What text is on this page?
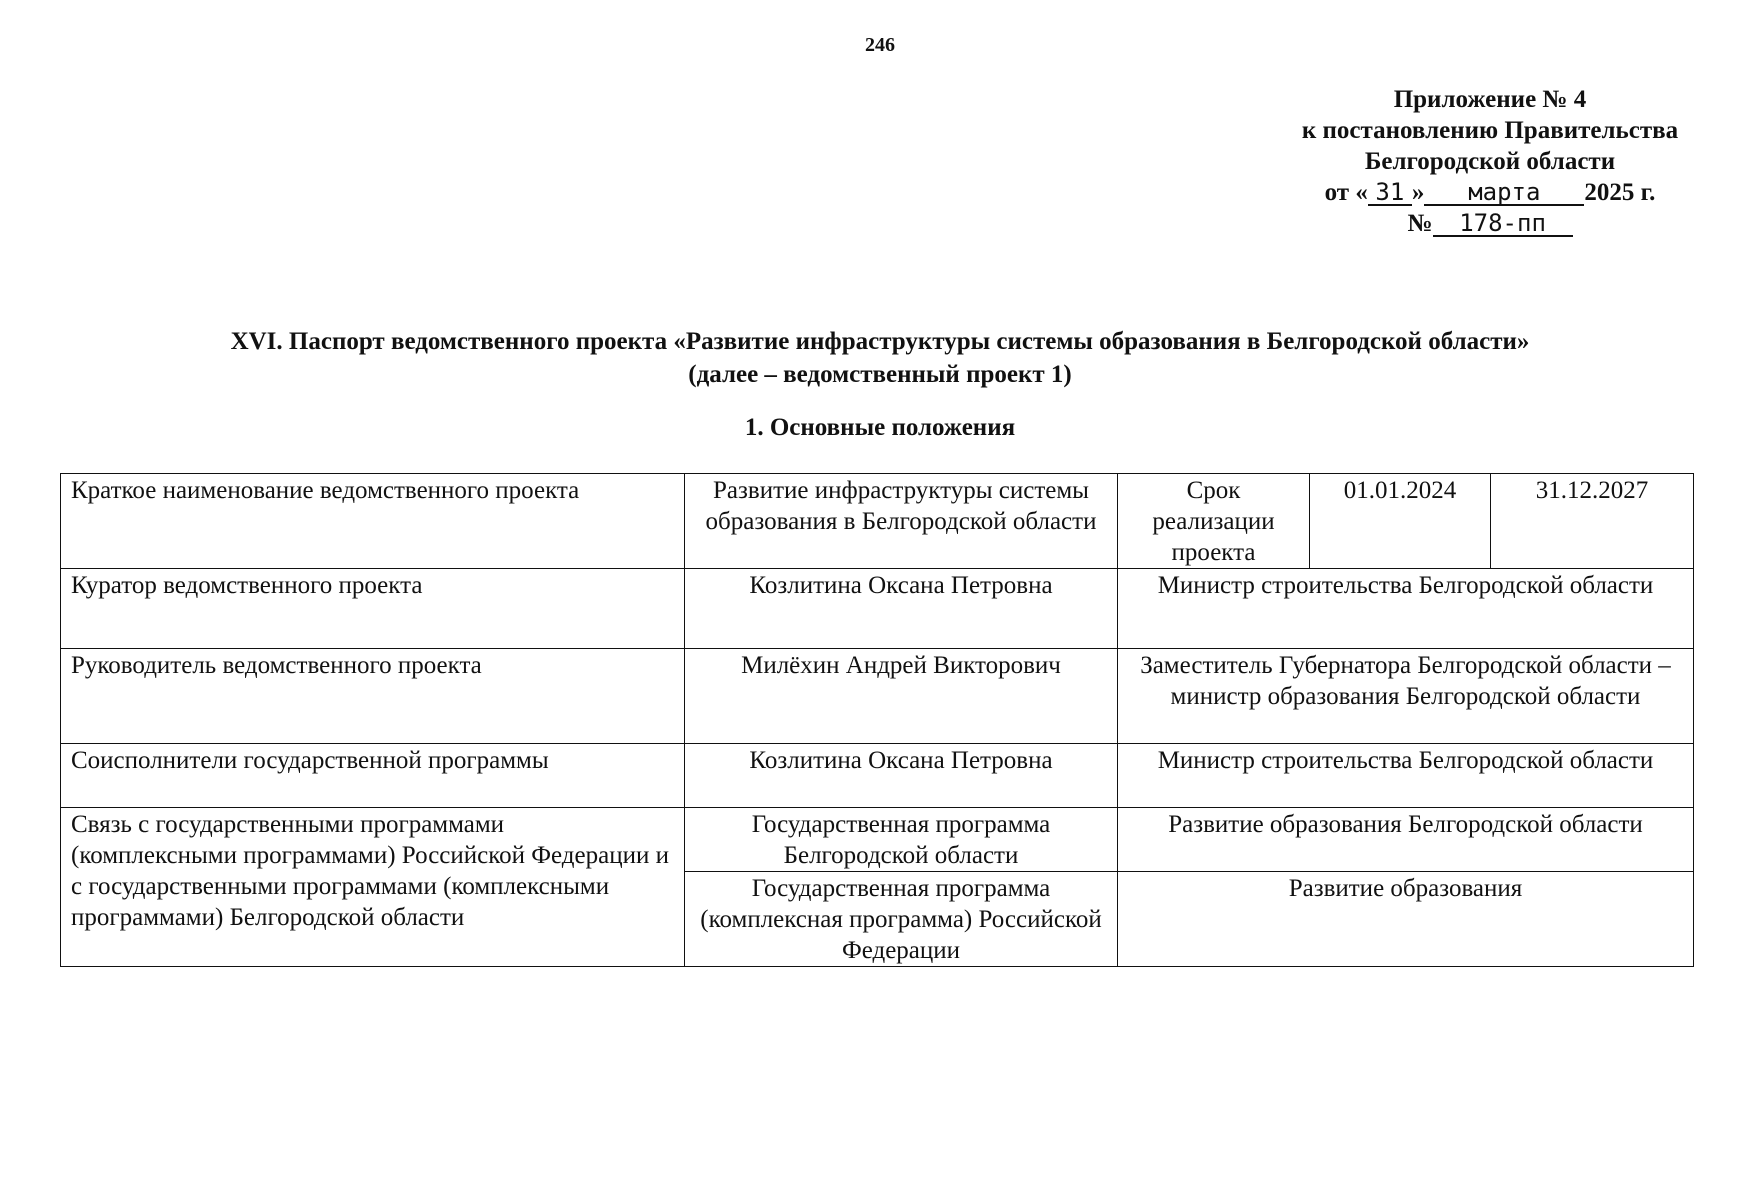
246
Приложение № 4
к постановлению Правительства
Белгородской области
от « 31 » марта 2025 г.
№ 178-пп
XVI. Паспорт ведомственного проекта «Развитие инфраструктуры системы образования в Белгородской области»
(далее – ведомственный проект 1)
1. Основные положения
Краткое наименование ведомственного проекта	Развитие инфраструктуры системы образования в Белгородской области	Срок реализации проекта	01.01.2024	31.12.2027
Куратор ведомственного проекта	Козлитина Оксана Петровна	Министр строительства Белгородской области		
Руководитель ведомственного проекта	Милёхин Андрей Викторович	Заместитель Губернатора Белгородской области – министр образования Белгородской области		
Соисполнители государственной программы	Козлитина Оксана Петровна	Министр строительства Белгородской области		
Связь с государственными программами (комплексными программами) Российской Федерации и с государственными программами (комплексными программами) Белгородской области	Государственная программа Белгородской области	Развитие образования Белгородской области		
	Государственная программа (комплексная программа) Российской Федерации	Развитие образования		
